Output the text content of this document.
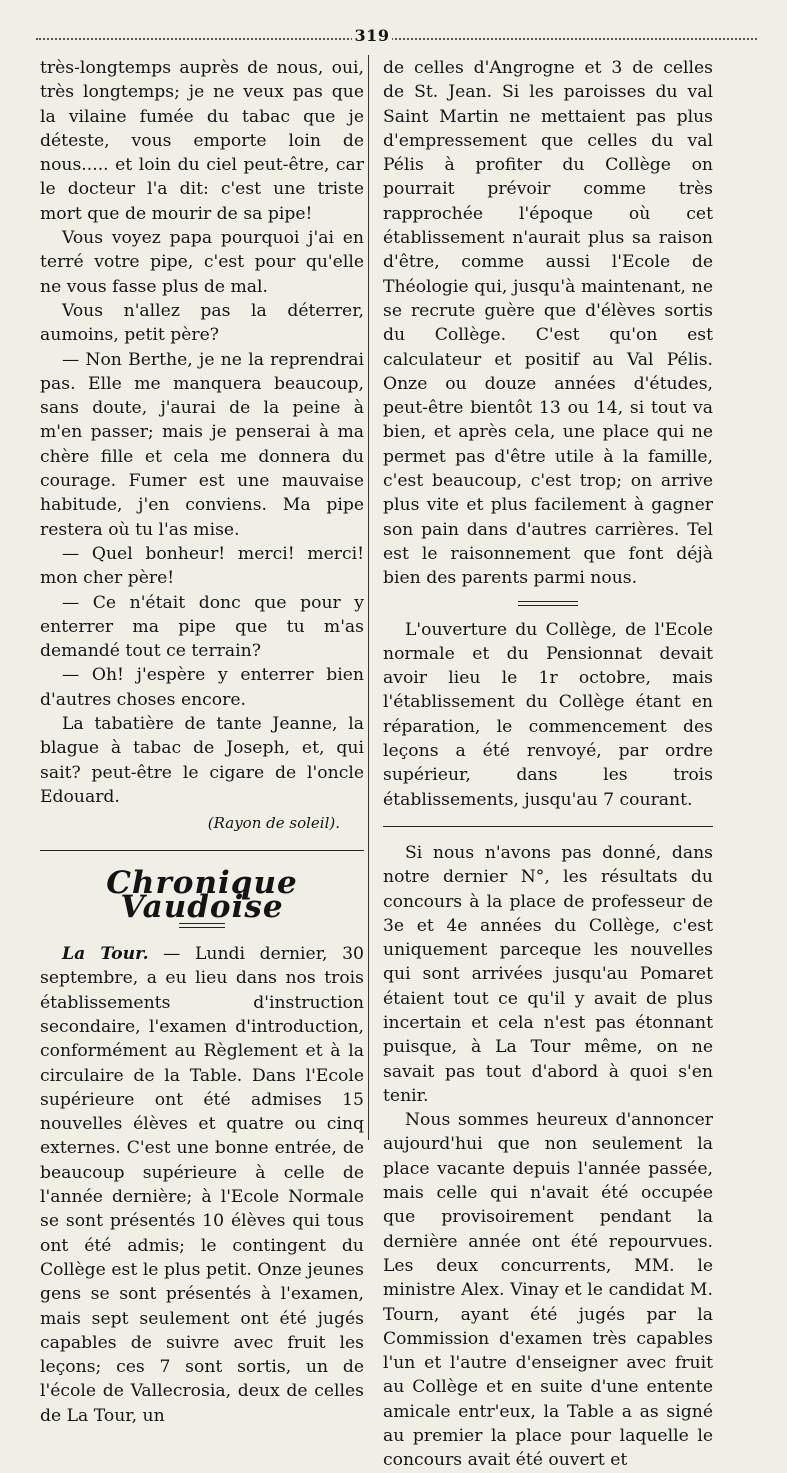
319

très-longtemps auprès de nous, oui, très longtemps; je ne veux pas que la vilaine fumée du tabac que je déteste, vous emporte loin de nous..... et loin du ciel peut-être, car le docteur l'a dit: c'est une triste mort que de mourir de sa pipe!

Vous voyez papa pourquoi j'ai en terré votre pipe, c'est pour qu'elle ne vous fasse plus de mal.

Vous n'allez pas la déterrer, aumoins, petit père?

— Non Berthe, je ne la reprendrai pas. Elle me manquera beaucoup, sans doute, j'aurai de la peine à m'en passer; mais je penserai à ma chère fille et cela me donnera du courage. Fumer est une mauvaise habitude, j'en conviens. Ma pipe restera où tu l'as mise.

— Quel bonheur! merci! merci! mon cher père!

— Ce n'était donc que pour y enterrer ma pipe que tu m'as demandé tout ce terrain?

— Oh! j'espère y enterrer bien d'autres choses encore.

La tabatière de tante Jeanne, la blague à tabac de Joseph, et, qui sait? peut-être le cigare de l'oncle Edouard.

(Rayon de soleil).
Chronique Vaudoise

La Tour. — Lundi dernier, 30 septembre, a eu lieu dans nos trois établissements d'instruction secondaire, l'examen d'introduction, conformément au Règlement et à la circulaire de la Table. Dans l'Ecole supérieure ont été admises 15 nouvelles élèves et quatre ou cinq externes. C'est une bonne entrée, de beaucoup supérieure à celle de l'année dernière; à l'Ecole Normale se sont présentés 10 élèves qui tous ont été admis; le contingent du Collège est le plus petit. Onze jeunes gens se sont présentés à l'examen, mais sept seulement ont été jugés capables de suivre avec fruit les leçons; ces 7 sont sortis, un de l'école de Vallecrosia, deux de celles de La Tour, un

de celles d'Angrogne et 3 de celles de St. Jean. Si les paroisses du val Saint Martin ne mettaient pas plus d'empressement que celles du val Pélis à profiter du Collège on pourrait prévoir comme très rapprochée l'époque où cet établissement n'aurait plus sa raison d'être, comme aussi l'Ecole de Théologie qui, jusqu'à maintenant, ne se recrute guère que d'élèves sortis du Collège. C'est qu'on est calculateur et positif au Val Pélis. Onze ou douze années d'études, peut-être bientôt 13 ou 14, si tout va bien, et après cela, une place qui ne permet pas d'être utile à la famille, c'est beaucoup, c'est trop; on arrive plus vite et plus facilement à gagner son pain dans d'autres carrières. Tel est le raisonnement que font déjà bien des parents parmi nous.

L'ouverture du Collège, de l'Ecole normale et du Pensionnat devait avoir lieu le 1r octobre, mais l'établissement du Collège étant en réparation, le commencement des leçons a été renvoyé, par ordre supérieur, dans les trois établissements, jusqu'au 7 courant.

Si nous n'avons pas donné, dans notre dernier N°, les résultats du concours à la place de professeur de 3e et 4e années du Collège, c'est uniquement parceque les nouvelles qui sont arrivées jusqu'au Pomaret étaient tout ce qu'il y avait de plus incertain et cela n'est pas étonnant puisque, à La Tour même, on ne savait pas tout d'abord à quoi s'en tenir.

Nous sommes heureux d'annoncer aujourd'hui que non seulement la place vacante depuis l'année passée, mais celle qui n'avait été occupée que provisoirement pendant la dernière année ont été repourvues. Les deux concurrents, MM. le ministre Alex. Vinay et le candidat M. Tourn, ayant été jugés par la Commission d'examen très capables l'un et l'autre d'enseigner avec fruit au Collège et en suite d'une entente amicale entr'eux, la Table a as signé au premier la place pour laquelle le concours avait été ouvert et
